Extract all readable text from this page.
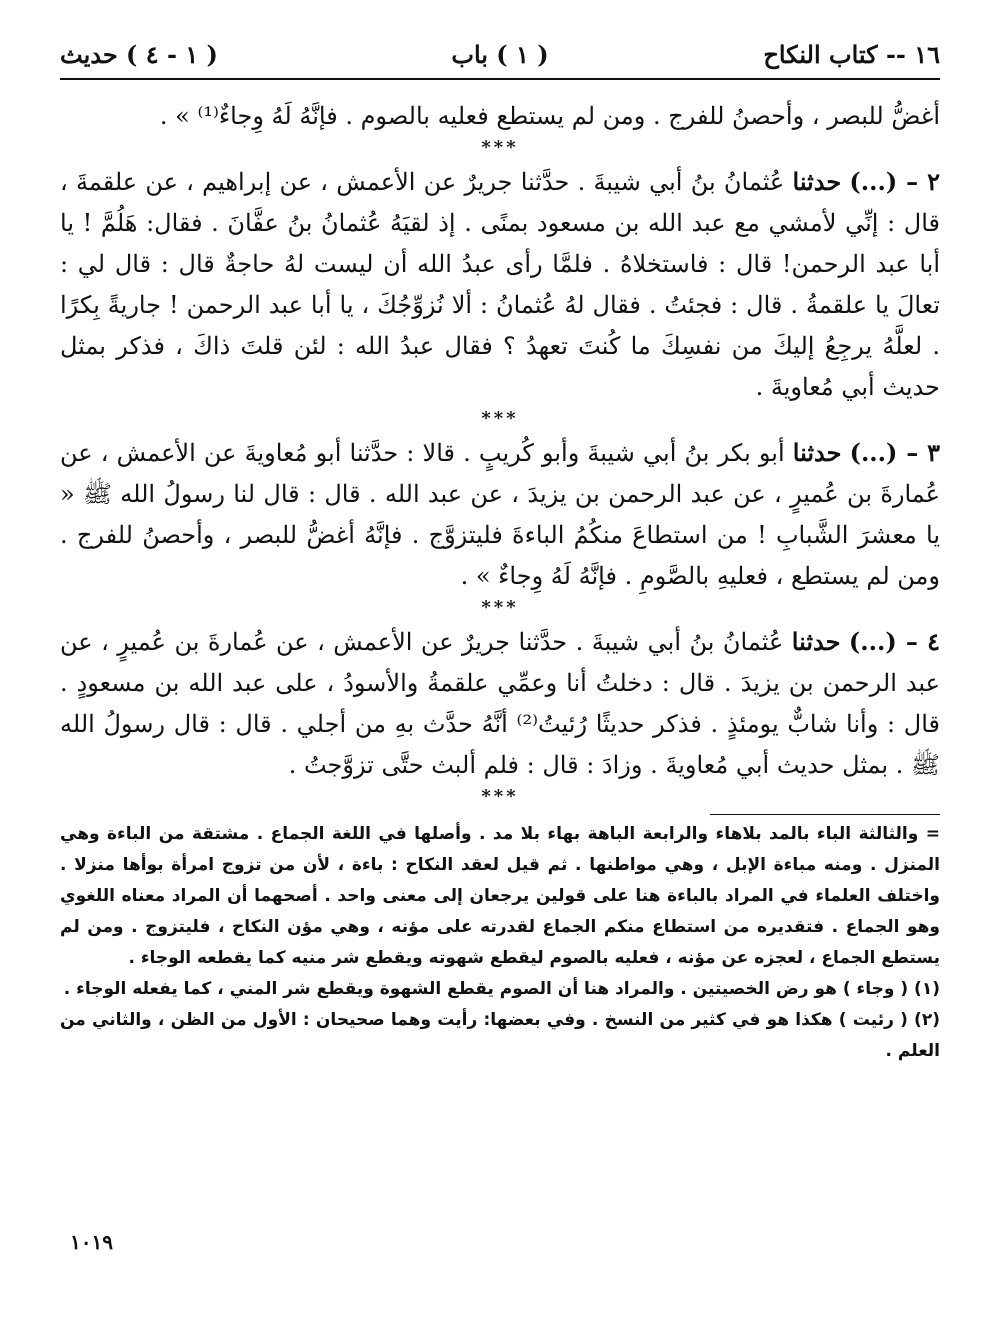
١٦ -- كتاب النكاح
( ١ ) باب
( ١ - ٤ ) حديث

أغضُّ للبصر ، وأحصنُ للفرج . ومن لم يستطع فعليه بالصوم . فإنَّهُ لَهُ وِجاءٌ⁽¹⁾ » .

***

٢ – (...) حدثنا عُثمانُ بنُ أبي شيبةَ . حدَّثنا جريرٌ عن الأعمش ، عن إبراهيم ، عن علقمةَ ، قال : إنِّي لأمشي مع عبد الله بن مسعود بمنًى . إذ لقيَهُ عُثمانُ بنُ عفَّانَ . فقال: هَلُمَّ ! يا أبا عبد الرحمن! قال : فاستخلاهُ . فلمَّا رأى عبدُ الله أن ليست لهُ حاجةٌ قال : قال لي : تعالَ يا علقمةُ . قال : فجئتُ . فقال لهُ عُثمانُ : ألا نُزوِّجُكَ ، يا أبا عبد الرحمن ! جاريةً بِكرًا . لعلَّهُ يرجِعُ إليكَ من نفسِكَ ما كُنتَ تعهدُ ؟ فقال عبدُ الله : لئن قلتَ ذاكَ ، فذكر بمثل حديث أبي مُعاويةَ .

***

٣ – (...) حدثنا أبو بكر بنُ أبي شيبةَ وأبو كُريبٍ . قالا : حدَّثنا أبو مُعاويةَ عن الأعمش ، عن عُمارةَ بن عُميرٍ ، عن عبد الرحمن بن يزيدَ ، عن عبد الله . قال : قال لنا رسولُ الله ﷺ « يا معشرَ الشَّبابِ ! من استطاعَ منكُمُ الباءةَ فليتزوَّج . فإنَّهُ أغضُّ للبصر ، وأحصنُ للفرج . ومن لم يستطع ، فعليهِ بالصَّومِ . فإنَّهُ لَهُ وِجاءٌ » .

***

٤ – (...) حدثنا عُثمانُ بنُ أبي شيبةَ . حدَّثنا جريرٌ عن الأعمش ، عن عُمارةَ بن عُميرٍ ، عن عبد الرحمن بن يزيدَ . قال : دخلتُ أنا وعمِّي علقمةُ والأسودُ ، على عبد الله بن مسعودٍ . قال : وأنا شابٌّ يومئذٍ . فذكر حديثًا رُئيتُ⁽²⁾ أنَّهُ حدَّث بهِ من أجلي . قال : قال رسولُ الله ﷺ . بمثل حديث أبي مُعاويةَ . وزادَ : قال : فلم ألبث حتَّى تزوَّجتُ .

***

= والثالثة الباء بالمد بلاهاء والرابعة الباهة بهاء بلا مد . وأصلها في اللغة الجماع . مشتقة من الباءة وهي المنزل . ومنه مباءة الإبل ، وهي مواطنها . ثم قيل لعقد النكاح : باءة ، لأن من تزوج امرأة بوأها منزلا . واختلف العلماء في المراد بالباءة هنا على قولين يرجعان إلى معنى واحد . أصحهما أن المراد معناه اللغوي وهو الجماع . فتقديره من استطاع منكم الجماع لقدرته على مؤنه ، وهي مؤن النكاح ، فليتزوج . ومن لم يستطع الجماع ، لعجزه عن مؤنه ، فعليه بالصوم ليقطع شهوته ويقطع شر منيه كما يقطعه الوجاء .

(١) ( وجاء ) هو رض الخصيتين . والمراد هنا أن الصوم يقطع الشهوة ويقطع شر المني ، كما يفعله الوجاء .

(٢) ( رئيت ) هكذا هو في كثير من النسخ . وفي بعضها: رأيت وهما صحيحان : الأول من الظن ، والثاني من العلم .

١٠١٩
